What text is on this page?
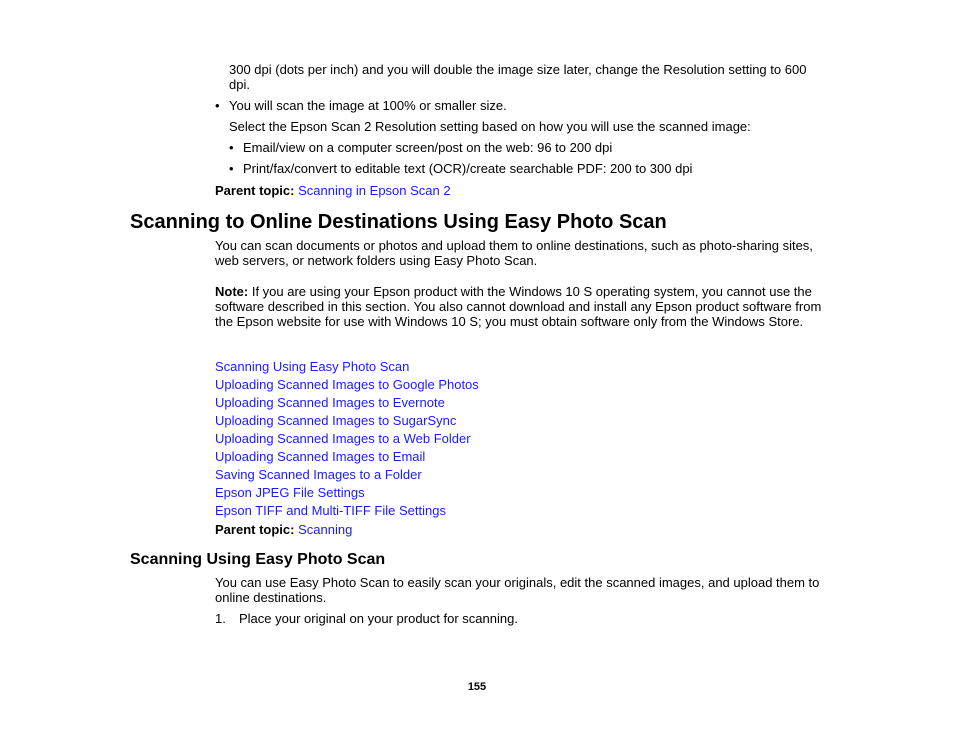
300 dpi (dots per inch) and you will double the image size later, change the Resolution setting to 600 dpi.

• You will scan the image at 100% or smaller size.

Select the Epson Scan 2 Resolution setting based on how you will use the scanned image:

• Email/view on a computer screen/post on the web: 96 to 200 dpi
• Print/fax/convert to editable text (OCR)/create searchable PDF: 200 to 300 dpi

Parent topic: Scanning in Epson Scan 2

Scanning to Online Destinations Using Easy Photo Scan

You can scan documents or photos and upload them to online destinations, such as photo-sharing sites, web servers, or network folders using Easy Photo Scan.

Note: If you are using your Epson product with the Windows 10 S operating system, you cannot use the software described in this section. You also cannot download and install any Epson product software from the Epson website for use with Windows 10 S; you must obtain software only from the Windows Store.

Scanning Using Easy Photo Scan
Uploading Scanned Images to Google Photos
Uploading Scanned Images to Evernote
Uploading Scanned Images to SugarSync
Uploading Scanned Images to a Web Folder
Uploading Scanned Images to Email
Saving Scanned Images to a Folder
Epson JPEG File Settings
Epson TIFF and Multi-TIFF File Settings

Parent topic: Scanning

Scanning Using Easy Photo Scan

You can use Easy Photo Scan to easily scan your originals, edit the scanned images, and upload them to online destinations.

1.	Place your original on your product for scanning.
155
